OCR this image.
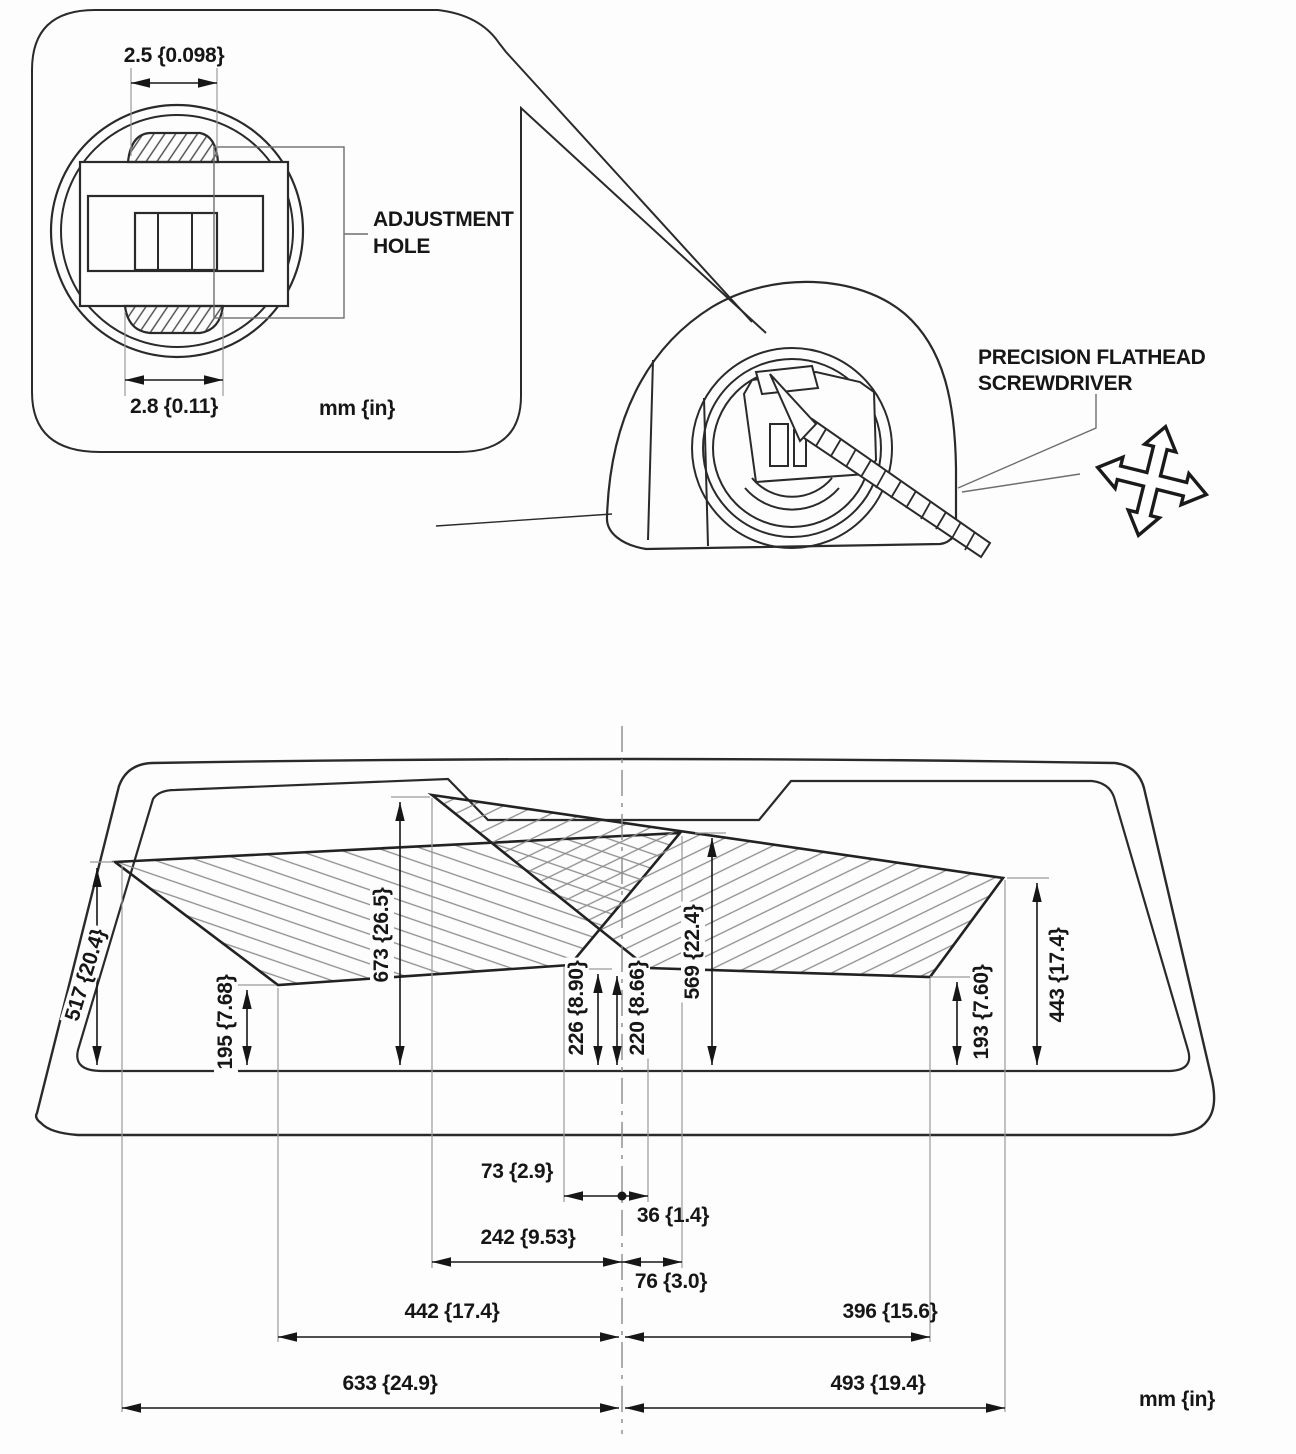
2.5 {0.098}
2.8 {0.11}
ADJUSTMENT
HOLE
mm {in}
PRECISION FLATHEAD
SCREWDRIVER
517 {20.4}	195 {7.68}
673 {26.5}
226 {8.90} 220 {8.66}
569 {22.4}
193 {7.60}	443 {17.4}
73 {2.9}
36 {1.4}
242 {9.53}
76 {3.0}
442 {17.4}	396 {15.6}
633 {24.9}	493 {19.4}
mm {in}
